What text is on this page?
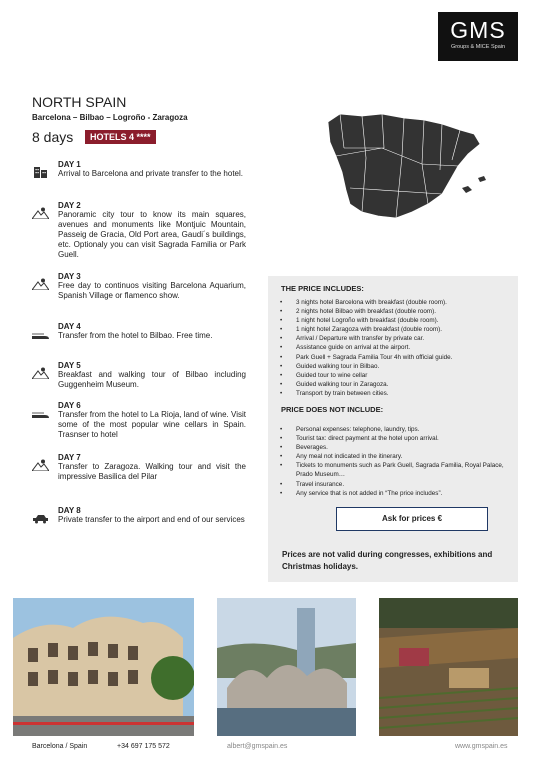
GMS
Groups & MICE Spain
NORTH SPAIN
Barcelona – Bilbao – Logroño - Zaragoza
8 days	HOTELS 4 ****
DAY 1
Arrival to Barcelona and private transfer to the hotel.
DAY 2
Panoramic city tour to know its main squares, avenues and monuments like Montjuic Mountain, Passeig de Gracia, Old Port area, Gaudi´s buildings, etc. Optionaly you can visit Sagrada Familia or Park Guell.
DAY 3
Free day to continuos visiting Barcelona Aquarium, Spanish Village or flamenco show.
DAY 4
Transfer from the hotel to Bilbao. Free time.
DAY 5
Breakfast and walking tour of Bilbao including Guggenheim Museum.
DAY 6
Transfer from the hotel to La Rioja, land of wine. Visit some of the most popular wine cellars in Spain. Trasnser to hotel
DAY 7
Transfer to Zaragoza. Walking tour and visit the impressive Basilica del Pilar
DAY 8
Private transfer to the airport and end of our services
THE PRICE INCLUDES:
• 3 nights hotel Barcelona with breakfast (double room).
• 2 nights hotel Bilbao with breakfast (double room).
• 1 night hotel Logroño with breakfast (double room).
• 1 night hotel Zaragoza with breakfast (double room).
• Arrival / Departure with transfer by private car.
• Assistance guide on arrival at the airport.
• Park Guell + Sagrada Familia Tour 4h with official guide.
• Guided walking tour in Bilbao.
• Guided tour to wine cellar
• Guided walking tour in Zaragoza.
• Transport by train between cities.
PRICE DOES NOT INCLUDE:
• Personal expenses: telephone, laundry, tips.
• Tourist tax: direct payment at the hotel upon arrival.
• Beverages.
• Any meal not indicated in the itinerary.
• Tickets to monuments such as Park Guell, Sagrada Familia, Royal Palace, Prado Museum…
• Travel insurance.
• Any service that is not added in “The price includes”.
Ask for prices €
Prices are not valid during congresses, exhibitions and Christmas holidays.
Barcelona / Spain	+34 697 175 572	albert@gmspain.es	www.gmspain.es
